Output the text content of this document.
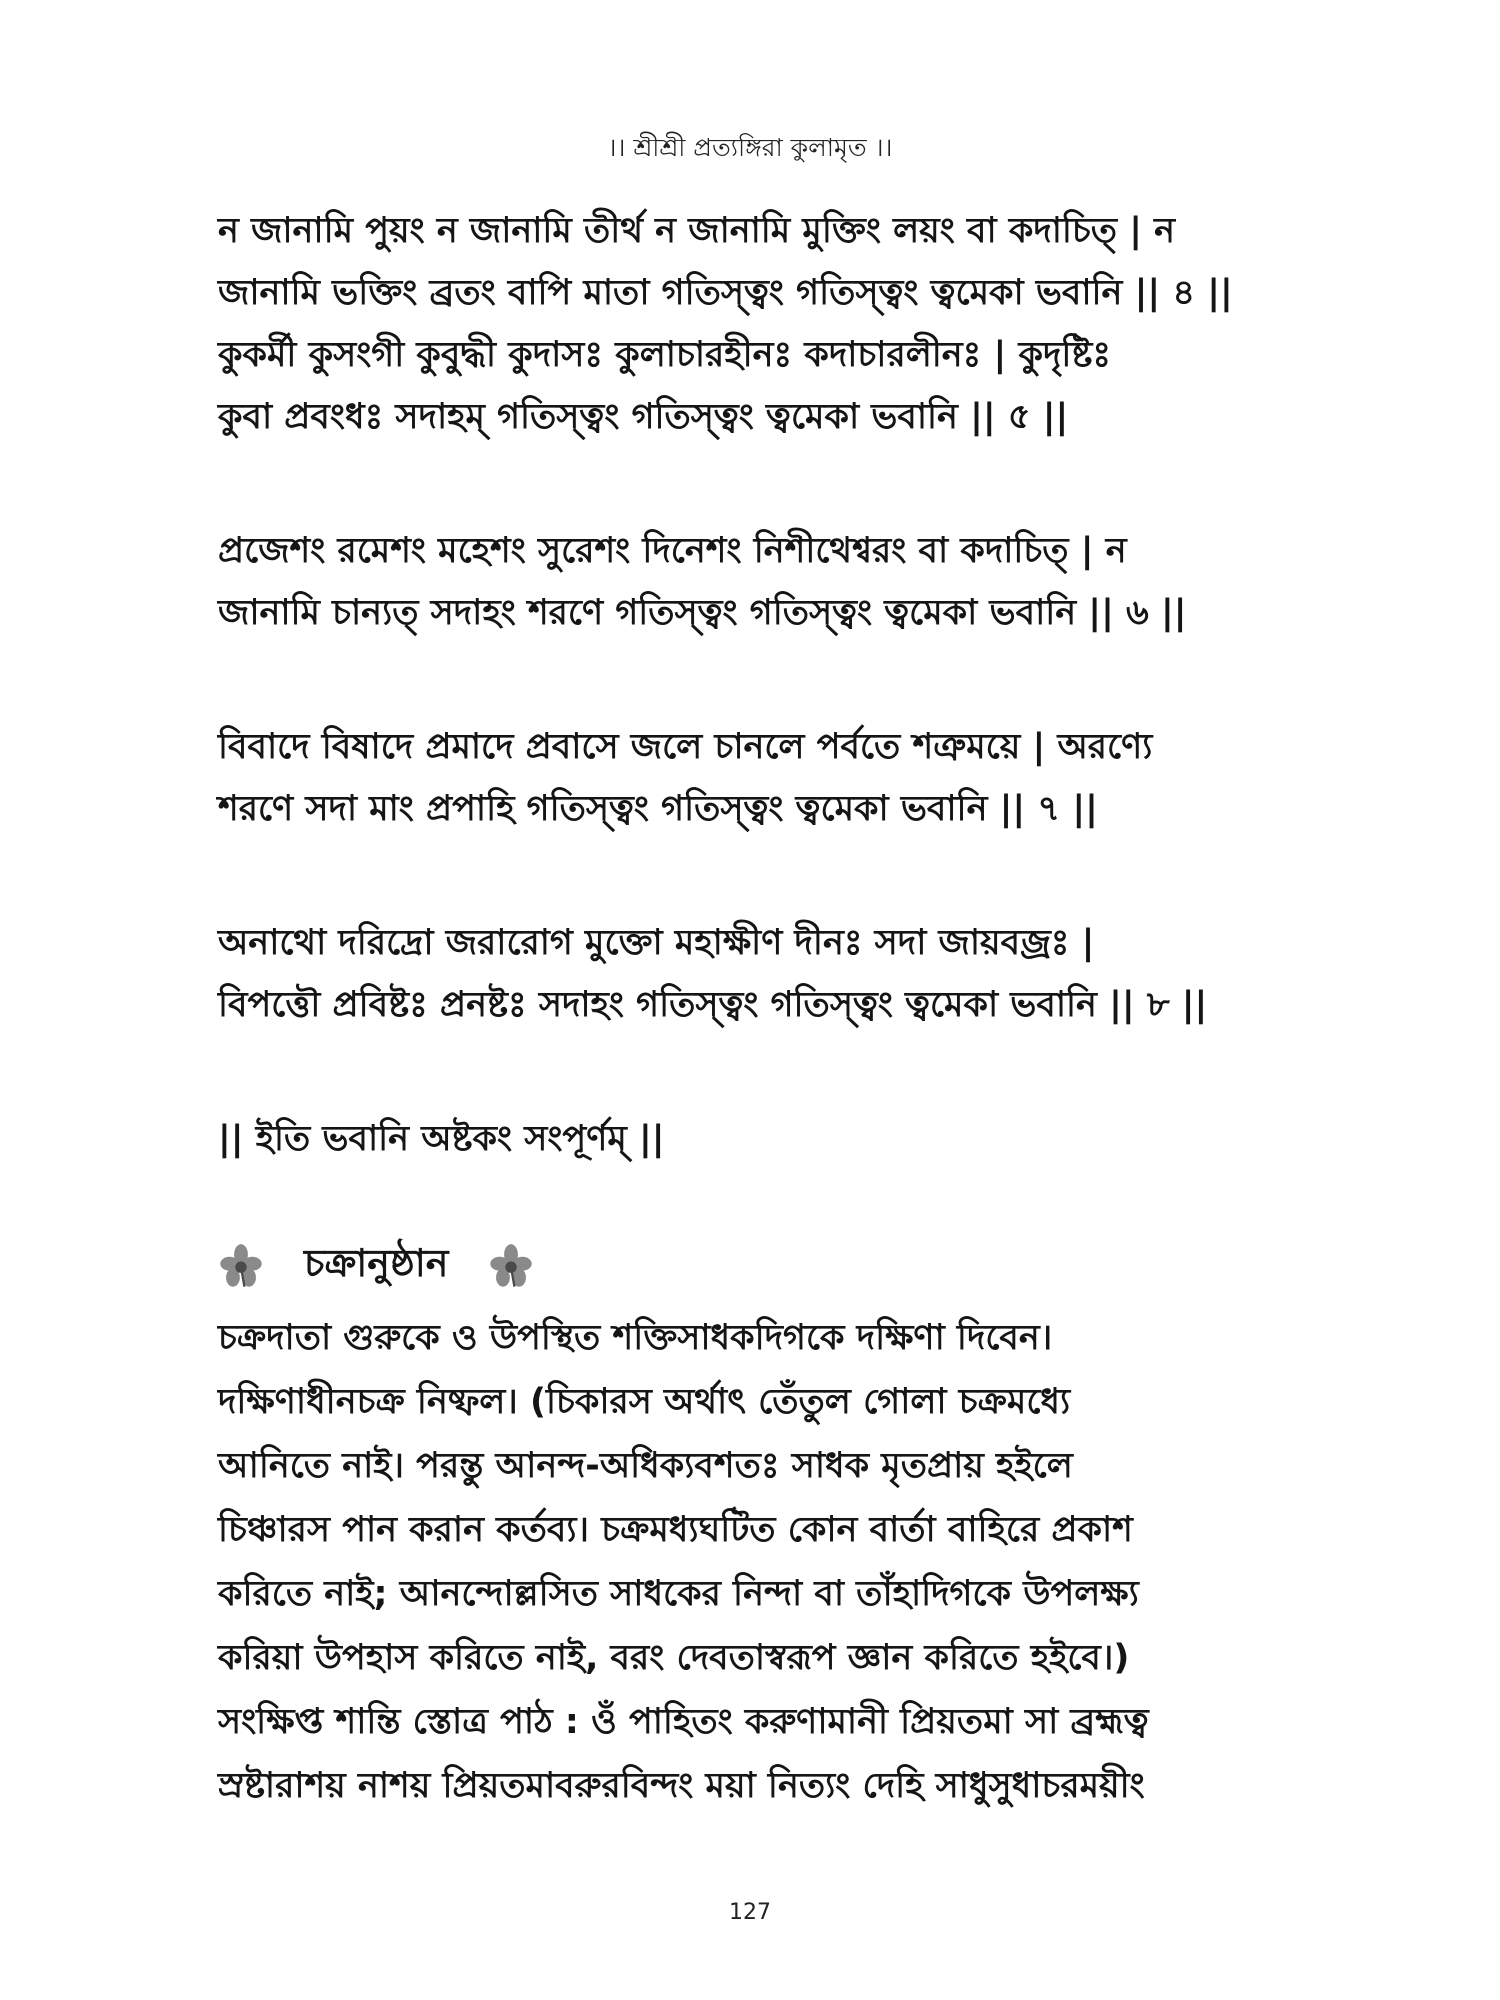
।। শ্রীশ্রী প্রত্যঙ্গিরা কুলামৃত ।।
ন জানামি পুয়ং ন জানামি তীর্থ ন জানামি মুক্তিং লয়ং বা কদাচিত্ | ন
জানামি ভক্তিং ব্রতং বাপি মাতা গতিস্ত্বং গতিস্ত্বং ত্বমেকা ভবানি || ৪ ||
কুকর্মী কুসংগী কুবুদ্ধী কুদাসঃ কুলাচারহীনঃ কদাচারলীনঃ | কুদৃষ্টিঃ
কুবা প্রবংধঃ সদাহম্ গতিস্ত্বং গতিস্ত্বং ত্বমেকা ভবানি || ৫ ||
প্রজেশং রমেশং মহেশং সুরেশং দিনেশং নিশীথেশ্বরং বা কদাচিত্ | ন
জানামি চান্যত্ সদাহং শরণে গতিস্ত্বং গতিস্ত্বং ত্বমেকা ভবানি || ৬ ||
বিবাদে বিষাদে প্রমাদে প্রবাসে জলে চানলে পর্বতে শত্রুময়ে | অরণ্যে
শরণে সদা মাং প্রপাহি গতিস্ত্বং গতিস্ত্বং ত্বমেকা ভবানি || ৭ ||
অনাথো দরিদ্রো জরারোগ মুক্তো মহাক্ষীণ দীনঃ সদা জায়বজ্রঃ |
বিপত্তৌ প্রবিষ্টঃ প্রনষ্টঃ সদাহং গতিস্ত্বং গতিস্ত্বং ত্বমেকা ভবানি || ৮ ||
|| ইতি ভবানি অষ্টকং সংপূর্ণম্ ||
চক্রানুষ্ঠান
চক্রদাতা গুরুকে ও উপস্থিত শক্তিসাধকদিগকে দক্ষিণা দিবেন।
দক্ষিণাধীনচক্র নিষ্ফল। (চিকারস অর্থাৎ তেঁতুল গোলা চক্রমধ্যে
আনিতে নাই। পরন্তু আনন্দ-অধিক্যবশতঃ সাধক মৃতপ্রায় হইলে
চিঞ্চারস পান করান কর্তব্য। চক্রমধ্যঘটিত কোন বার্তা বাহিরে প্রকাশ
করিতে নাই; আনন্দোল্লসিত সাধকের নিন্দা বা তাঁহাদিগকে উপলক্ষ্য
করিয়া উপহাস করিতে নাই, বরং দেবতাস্বরূপ জ্ঞান করিতে হইবে।)
সংক্ষিপ্ত শান্তি স্তোত্র পাঠ : ওঁ পাহিতং করুণামানী প্রিয়তমা সা ব্রহ্মত্ব
স্রষ্টারাশয় নাশয় প্রিয়তমাবরুরবিন্দং ময়া নিত্যং দেহি সাধুসুধাচরময়ীং
127
